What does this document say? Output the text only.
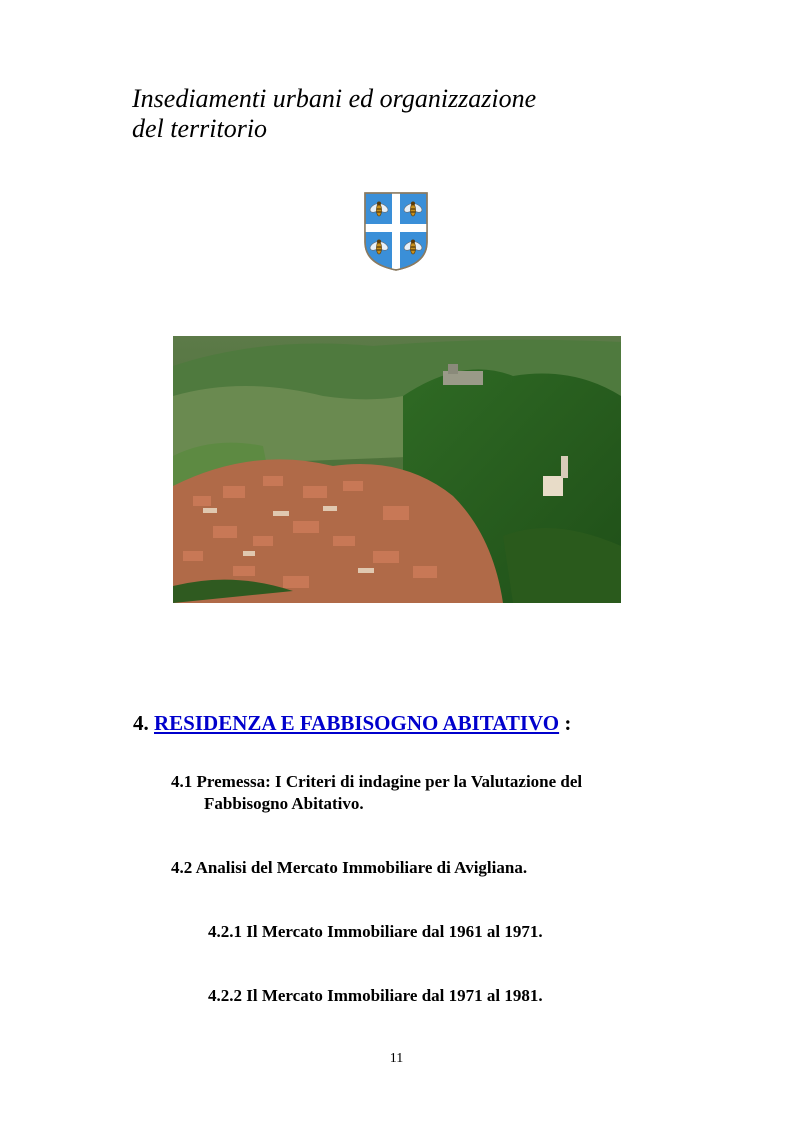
Insediamenti urbani ed organizzazione
del territorio
4. RESIDENZA E FABBISOGNO ABITATIVO :

4.1 Premessa: I Criteri di indagine per la Valutazione del
Fabbisogno Abitativo.

4.2 Analisi del Mercato Immobiliare di Avigliana.

4.2.1 Il Mercato Immobiliare dal 1961 al 1971.

4.2.2 Il Mercato Immobiliare dal 1971 al 1981.

11
